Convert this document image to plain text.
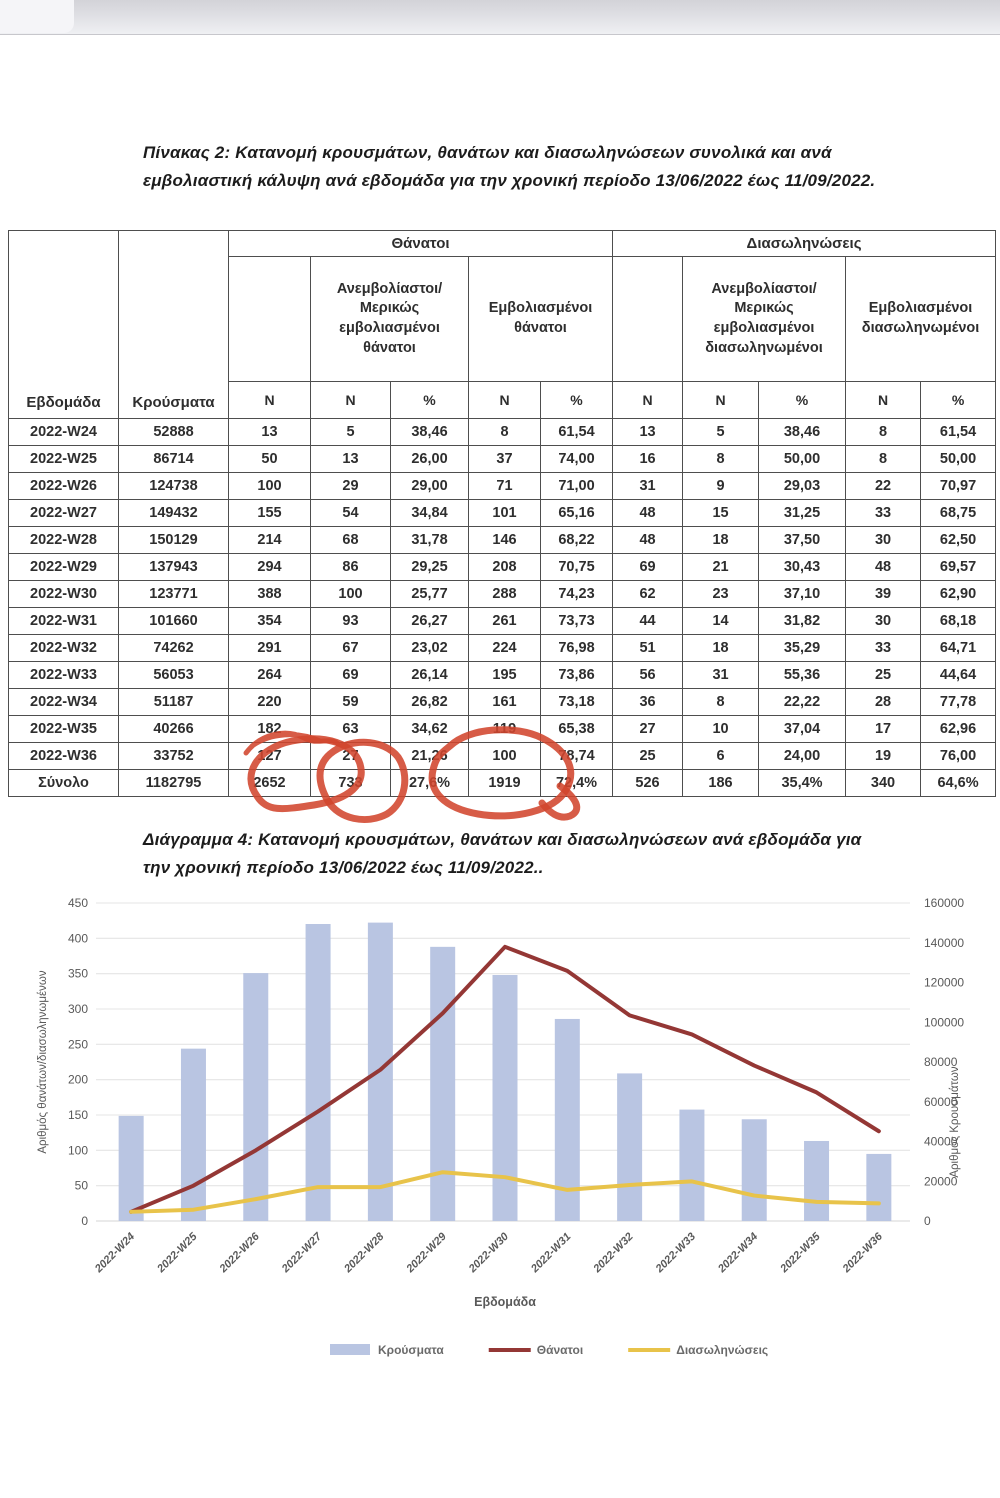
Πίνακας 2: Κατανομή κρουσμάτων, θανάτων και διασωληνώσεων συνολικά και ανά εμβολιαστική κάλυψη ανά εβδομάδα για την χρονική περίοδο 13/06/2022 έως 11/09/2022.
Εβδομάδα	Κρούσματα	Θάνατοι					Διασωληνώσεις				
			Ανεμβολίαστοι/ Μερικώς εμβολιασμένοι θάνατοι		Εμβολιασμένοι θάνατοι			Ανεμβολίαστοι/ Μερικώς εμβολιασμένοι διασωληνωμένοι		Εμβολιασμένοι διασωληνωμένοι	
		N	N	%	N	%	N	N	%	N	%
2022-W24	52888	13	5	38,46	8	61,54	13	5	38,46	8	61,54
2022-W25	86714	50	13	26,00	37	74,00	16	8	50,00	8	50,00
2022-W26	124738	100	29	29,00	71	71,00	31	9	29,03	22	70,97
2022-W27	149432	155	54	34,84	101	65,16	48	15	31,25	33	68,75
2022-W28	150129	214	68	31,78	146	68,22	48	18	37,50	30	62,50
2022-W29	137943	294	86	29,25	208	70,75	69	21	30,43	48	69,57
2022-W30	123771	388	100	25,77	288	74,23	62	23	37,10	39	62,90
2022-W31	101660	354	93	26,27	261	73,73	44	14	31,82	30	68,18
2022-W32	74262	291	67	23,02	224	76,98	51	18	35,29	33	64,71
2022-W33	56053	264	69	26,14	195	73,86	56	31	55,36	25	44,64
2022-W34	51187	220	59	26,82	161	73,18	36	8	22,22	28	77,78
2022-W35	40266	182	63	34,62	119	65,38	27	10	37,04	17	62,96
2022-W36	33752	127	27	21,26	100	78,74	25	6	24,00	19	76,00
Σύνολο	1182795	2652	733	27,6%	1919	72,4%	526	186	35,4%	340	64,6%
Διάγραμμα 4: Κατανομή κρουσμάτων, θανάτων και διασωληνώσεων ανά εβδομάδα για την χρονική περίοδο 13/06/2022 έως 11/09/2022..
0
50
100
150
200
250
300
350
400
450
0
20000
40000
60000
80000
100000
120000
140000
160000
2022-W24 2022-W25 2022-W26 2022-W27 2022-W28 2022-W29 2022-W30 2022-W31 2022-W32 2022-W33 2022-W34 2022-W35 2022-W36
Αριθμός θανάτων/διασωληνωμένων	Αριθμός Κρουσμάτων
Εβδομάδα
Κρούσματα	Θάνατοι	Διασωληνώσεις
